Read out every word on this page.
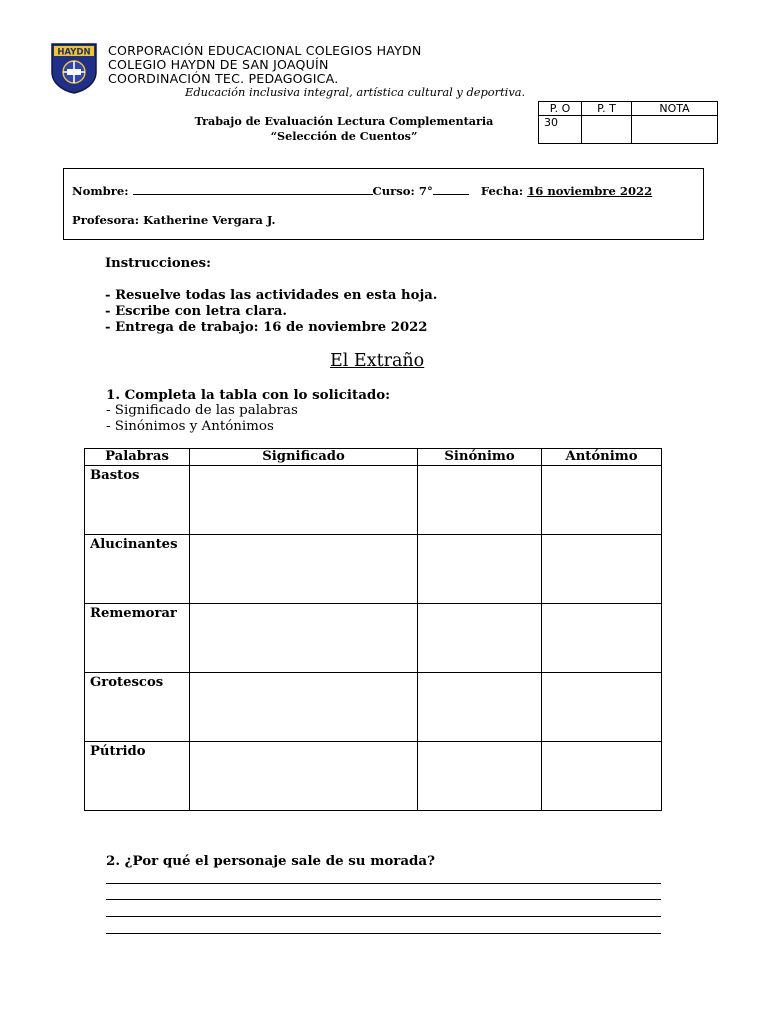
HAYDN CORPORACIÓN EDUCACIONAL COLEGIOS HAYDN
COLEGIO HAYDN DE SAN JOAQUÍN
COORDINACIÓN TEC. PEDAGOGICA.
Educación inclusiva integral, artística cultural y deportiva.
Trabajo de Evaluación Lectura Complementaria
“Selección de Cuentos”
P. O	P. T	NOTA
30		
Nombre:	Curso: 7°	Fecha: 16 noviembre 2022
Profesora: Katherine Vergara J.
Instrucciones:
- Resuelve todas las actividades en esta hoja.
- Escribe con letra clara.
- Entrega de trabajo: 16 de noviembre 2022
El Extraño
1. Completa la tabla con lo solicitado:
- Significado de las palabras
- Sinónimos y Antónimos
Palabras	Significado	Sinónimo	Antónimo
Bastos			
Alucinantes			
Rememorar			
Grotescos			
Pútrido			
2. ¿Por qué el personaje sale de su morada?
